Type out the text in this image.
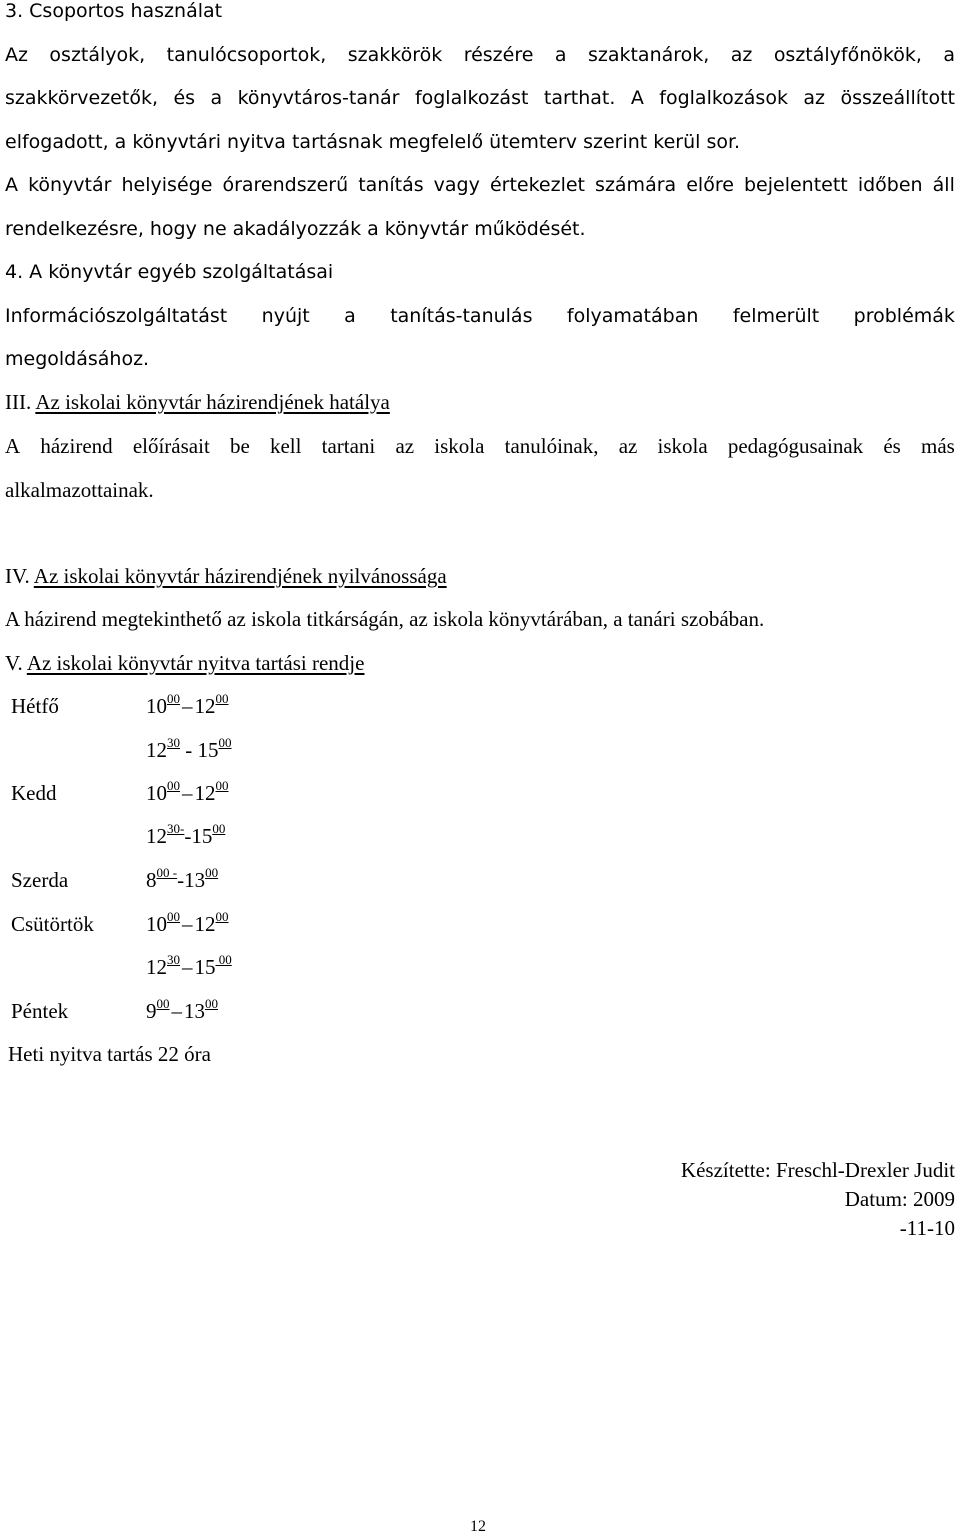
3. Csoportos használat
Az osztályok, tanulócsoportok, szakkörök részére a szaktanárok, az osztályfőnökök, a
szakkörvezetők, és a könyvtáros-tanár foglalkozást tarthat. A foglalkozások az összeállított
elfogadott, a könyvtári nyitva tartásnak megfelelő ütemterv szerint kerül sor.
A könyvtár helyisége órarendszerű tanítás vagy értekezlet számára előre bejelentett időben áll
rendelkezésre, hogy ne akadályozzák a könyvtár működését.
4. A könyvtár egyéb szolgáltatásai
Információszolgáltatást nyújt a tanítás-tanulás folyamatában felmerült problémák
megoldásához.
III. Az iskolai könyvtár házirendjének hatálya
A házirend előírásait be kell tartani az iskola tanulóinak, az iskola pedagógusainak és más
alkalmazottainak.
IV. Az iskolai könyvtár házirendjének nyilvánossága
A házirend megtekinthető az iskola titkárságán, az iskola könyvtárában, a tanári szobában.
V. Az iskolai könyvtár nyitva tartási rendje
Hétfő	$10^{00}-12^{00}$
$12^{30} - 15^{00}$
Kedd	$10^{00}-12^{00}$
$12^{30-}-15^{00}$
Szerda	$8^{00 -}-13^{00}$
Csütörtök $10^{00}-12^{00}$
$12^{30}-15$ $^{00}$
Péntek	$9^{00}-13^{00}$
Heti nyitva tartás 22 óra
Készítette: Freschl-Drexler Judit
Datum: 2009
-11-10
12
